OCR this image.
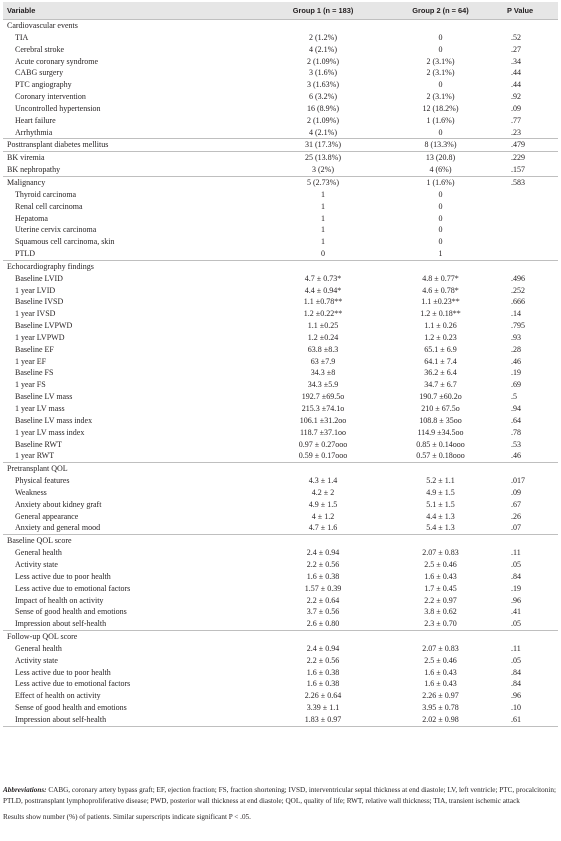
Variable	Group 1 (n = 183)	Group 2 (n = 64)	P Value
Cardiovascular events			
TIA	2 (1.2%)	0	.52
Cerebral stroke	4 (2.1%)	0	.27
Acute coronary syndrome	2 (1.09%)	2 (3.1%)	.34
CABG surgery	3 (1.6%)	2 (3.1%)	.44
PTC angiography	3 (1.63%)	0	.44
Coronary intervention	6 (3.2%)	2 (3.1%)	.92
Uncontrolled hypertension	16 (8.9%)	12 (18.2%)	.09
Heart failure	2 (1.09%)	1 (1.6%)	.77
Arrhythmia	4 (2.1%)	0	.23
Posttransplant diabetes mellitus	31 (17.3%)	8 (13.3%)	.479
BK viremia	25 (13.8%)	13 (20.8)	.229
BK nephropathy	3 (2%)	4 (6%)	.157
Malignancy	5 (2.73%)	1 (1.6%)	.583
Thyroid carcinoma	1	0	
Renal cell carcinoma	1	0	
Hepatoma	1	0	
Uterine cervix carcinoma	1	0	
Squamous cell carcinoma, skin	1	0	
PTLD	0	1	
Echocardiography findings			
Baseline LVID	4.7 ± 0.73*	4.8 ± 0.77*	.496
1 year LVID	4.4 ± 0.94*	4.6 ± 0.78*	.252
Baseline IVSD	1.1 ±0.78**	1.1 ±0.23**	.666
1 year IVSD	1.2 ±0.22**	1.2 ± 0.18**	.14
Baseline LVPWD	1.1 ±0.25	1.1 ± 0.26	.795
1 year LVPWD	1.2 ±0.24	1.2 ± 0.23	.93
Baseline EF	63.8 ±8.3	65.1 ± 6.9	.28
1 year EF	63 ±7.9	64.1 ± 7.4	.46
Baseline FS	34.3 ±8	36.2 ± 6.4	.19
1 year FS	34.3 ±5.9	34.7 ± 6.7	.69
Baseline LV mass	192.7 ±69.5o	190.7 ±60.2o	.5
1 year LV mass	215.3 ±74.1o	210 ± 67.5o	.94
Baseline LV mass index	106.1 ±31.2oo	108.8 ± 35oo	.64
1 year LV mass index	118.7 ±37.1oo	114.9 ±34.5oo	.78
Baseline RWT	0.97 ± 0.27ooo	0.85 ± 0.14ooo	.53
1 year RWT	0.59 ± 0.17ooo	0.57 ± 0.18ooo	.46
Pretransplant QOL			
Physical features	4.3 ± 1.4	5.2 ± 1.1	.017
Weakness	4.2 ± 2	4.9 ± 1.5	.09
Anxiety about kidney graft	4.9 ± 1.5	5.1 ± 1.5	.67
General appearance	4 ± 1.2	4.4 ± 1.3	.26
Anxiety and general mood	4.7 ± 1.6	5.4 ± 1.3	.07
Baseline QOL score			
General health	2.4 ± 0.94	2.07 ± 0.83	.11
Activity state	2.2 ± 0.56	2.5 ± 0.46	.05
Less active due to poor health	1.6 ± 0.38	1.6 ± 0.43	.84
Less active due to emotional factors	1.57 ± 0.39	1.7 ± 0.45	.19
Impact of health on activity	2.2 ± 0.64	2.2 ± 0.97	.96
Sense of good health and emotions	3.7 ± 0.56	3.8 ± 0.62	.41
Impression about self-health	2.6 ± 0.80	2.3 ± 0.70	.05
Follow-up QOL score			
General health	2.4 ± 0.94	2.07 ± 0.83	.11
Activity state	2.2 ± 0.56	2.5 ± 0.46	.05
Less active due to poor health	1.6 ± 0.38	1.6 ± 0.43	.84
Less active due to emotional factors	1.6 ± 0.38	1.6 ± 0.43	.84
Effect of health on activity	2.26 ± 0.64	2.26 ± 0.97	.96
Sense of good health and emotions	3.39 ± 1.1	3.95 ± 0.78	.10
Impression about self-health	1.83 ± 0.97	2.02 ± 0.98	.61

Abbreviations: CABG, coronary artery bypass graft; EF, ejection fraction; FS, fraction shortening; IVSD, interventricular septal thickness at end diastole; LV, left ventricle; PTC, procalcitonin; PTLD, posttransplant lymphoproliferative disease; PWD, posterior wall thickness at end diastole; QOL, quality of life; RWT, relative wall thickness; TIA, transient ischemic attack

Results show number (%) of patients. Similar superscripts indicate significant P < .05.
